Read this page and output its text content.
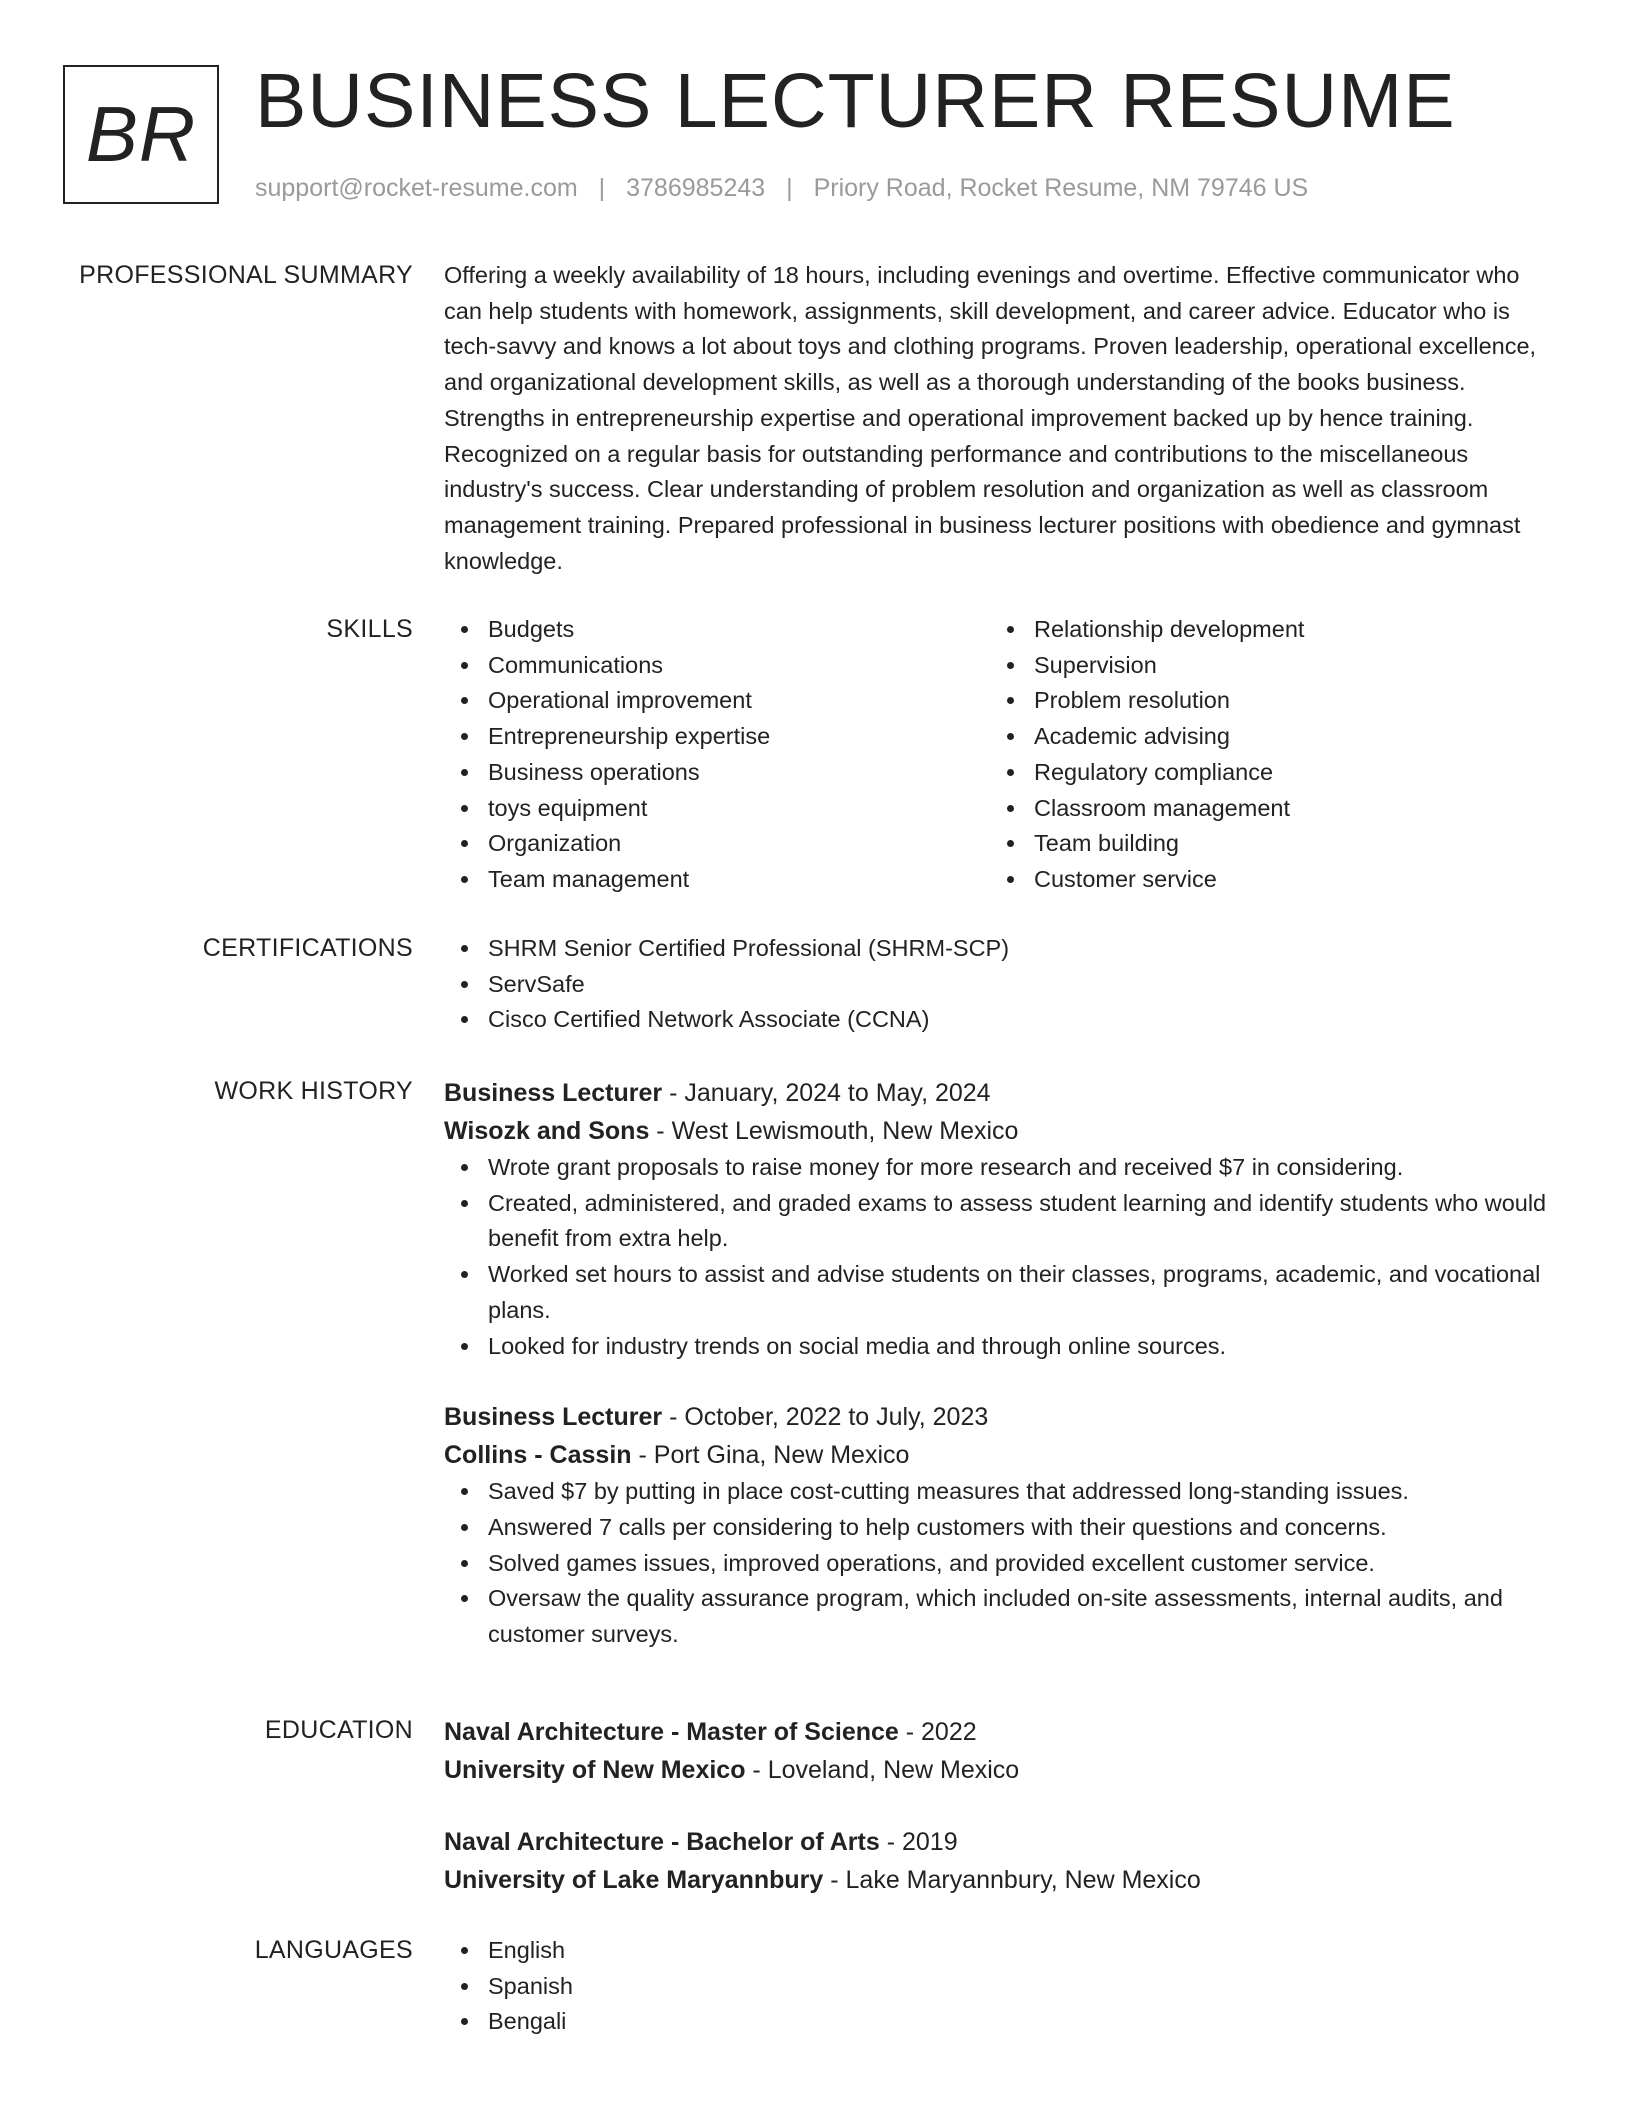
BR BUSINESS LECTURER RESUME
support@rocket-resume.com | 3786985243 | Priory Road, Rocket Resume, NM 79746 US
PROFESSIONAL SUMMARY Offering a weekly availability of 18 hours, including evenings and overtime. Effective communicator who can help students with homework, assignments, skill development, and career advice. Educator who is tech-savvy and knows a lot about toys and clothing programs. Proven leadership, operational excellence, and organizational development skills, as well as a thorough understanding of the books business. Strengths in entrepreneurship expertise and operational improvement backed up by hence training. Recognized on a regular basis for outstanding performance and contributions to the miscellaneous industry's success. Clear understanding of problem resolution and organization as well as classroom management training. Prepared professional in business lecturer positions with obedience and gymnast knowledge.

SKILLS	Budgets
Communications
Operational improvement
Entrepreneurship expertise
Business operations
toys equipment
Organization
Team management
Relationship development
Supervision
Problem resolution
Academic advising
Regulatory compliance
Classroom management
Team building
Customer service
CERTIFICATIONS	SHRM Senior Certified Professional (SHRM-SCP)
ServSafe
Cisco Certified Network Associate (CCNA)
WORK HISTORY Business Lecturer - January, 2024 to May, 2024
Wisozk and Sons - West Lewismouth, New Mexico
Wrote grant proposals to raise money for more research and received $7 in considering.
Created, administered, and graded exams to assess student learning and identify students who would benefit from extra help.
Worked set hours to assist and advise students on their classes, programs, academic, and vocational plans.
Looked for industry trends on social media and through online sources.
Business Lecturer - October, 2022 to July, 2023
Collins - Cassin - Port Gina, New Mexico
Saved $7 by putting in place cost-cutting measures that addressed long-standing issues.
Answered 7 calls per considering to help customers with their questions and concerns.
Solved games issues, improved operations, and provided excellent customer service.
Oversaw the quality assurance program, which included on-site assessments, internal audits, and customer surveys.
EDUCATION Naval Architecture - Master of Science - 2022
University of New Mexico - Loveland, New Mexico
Naval Architecture - Bachelor of Arts - 2019
University of Lake Maryannbury - Lake Maryannbury, New Mexico
LANGUAGES	English
Spanish
Bengali
